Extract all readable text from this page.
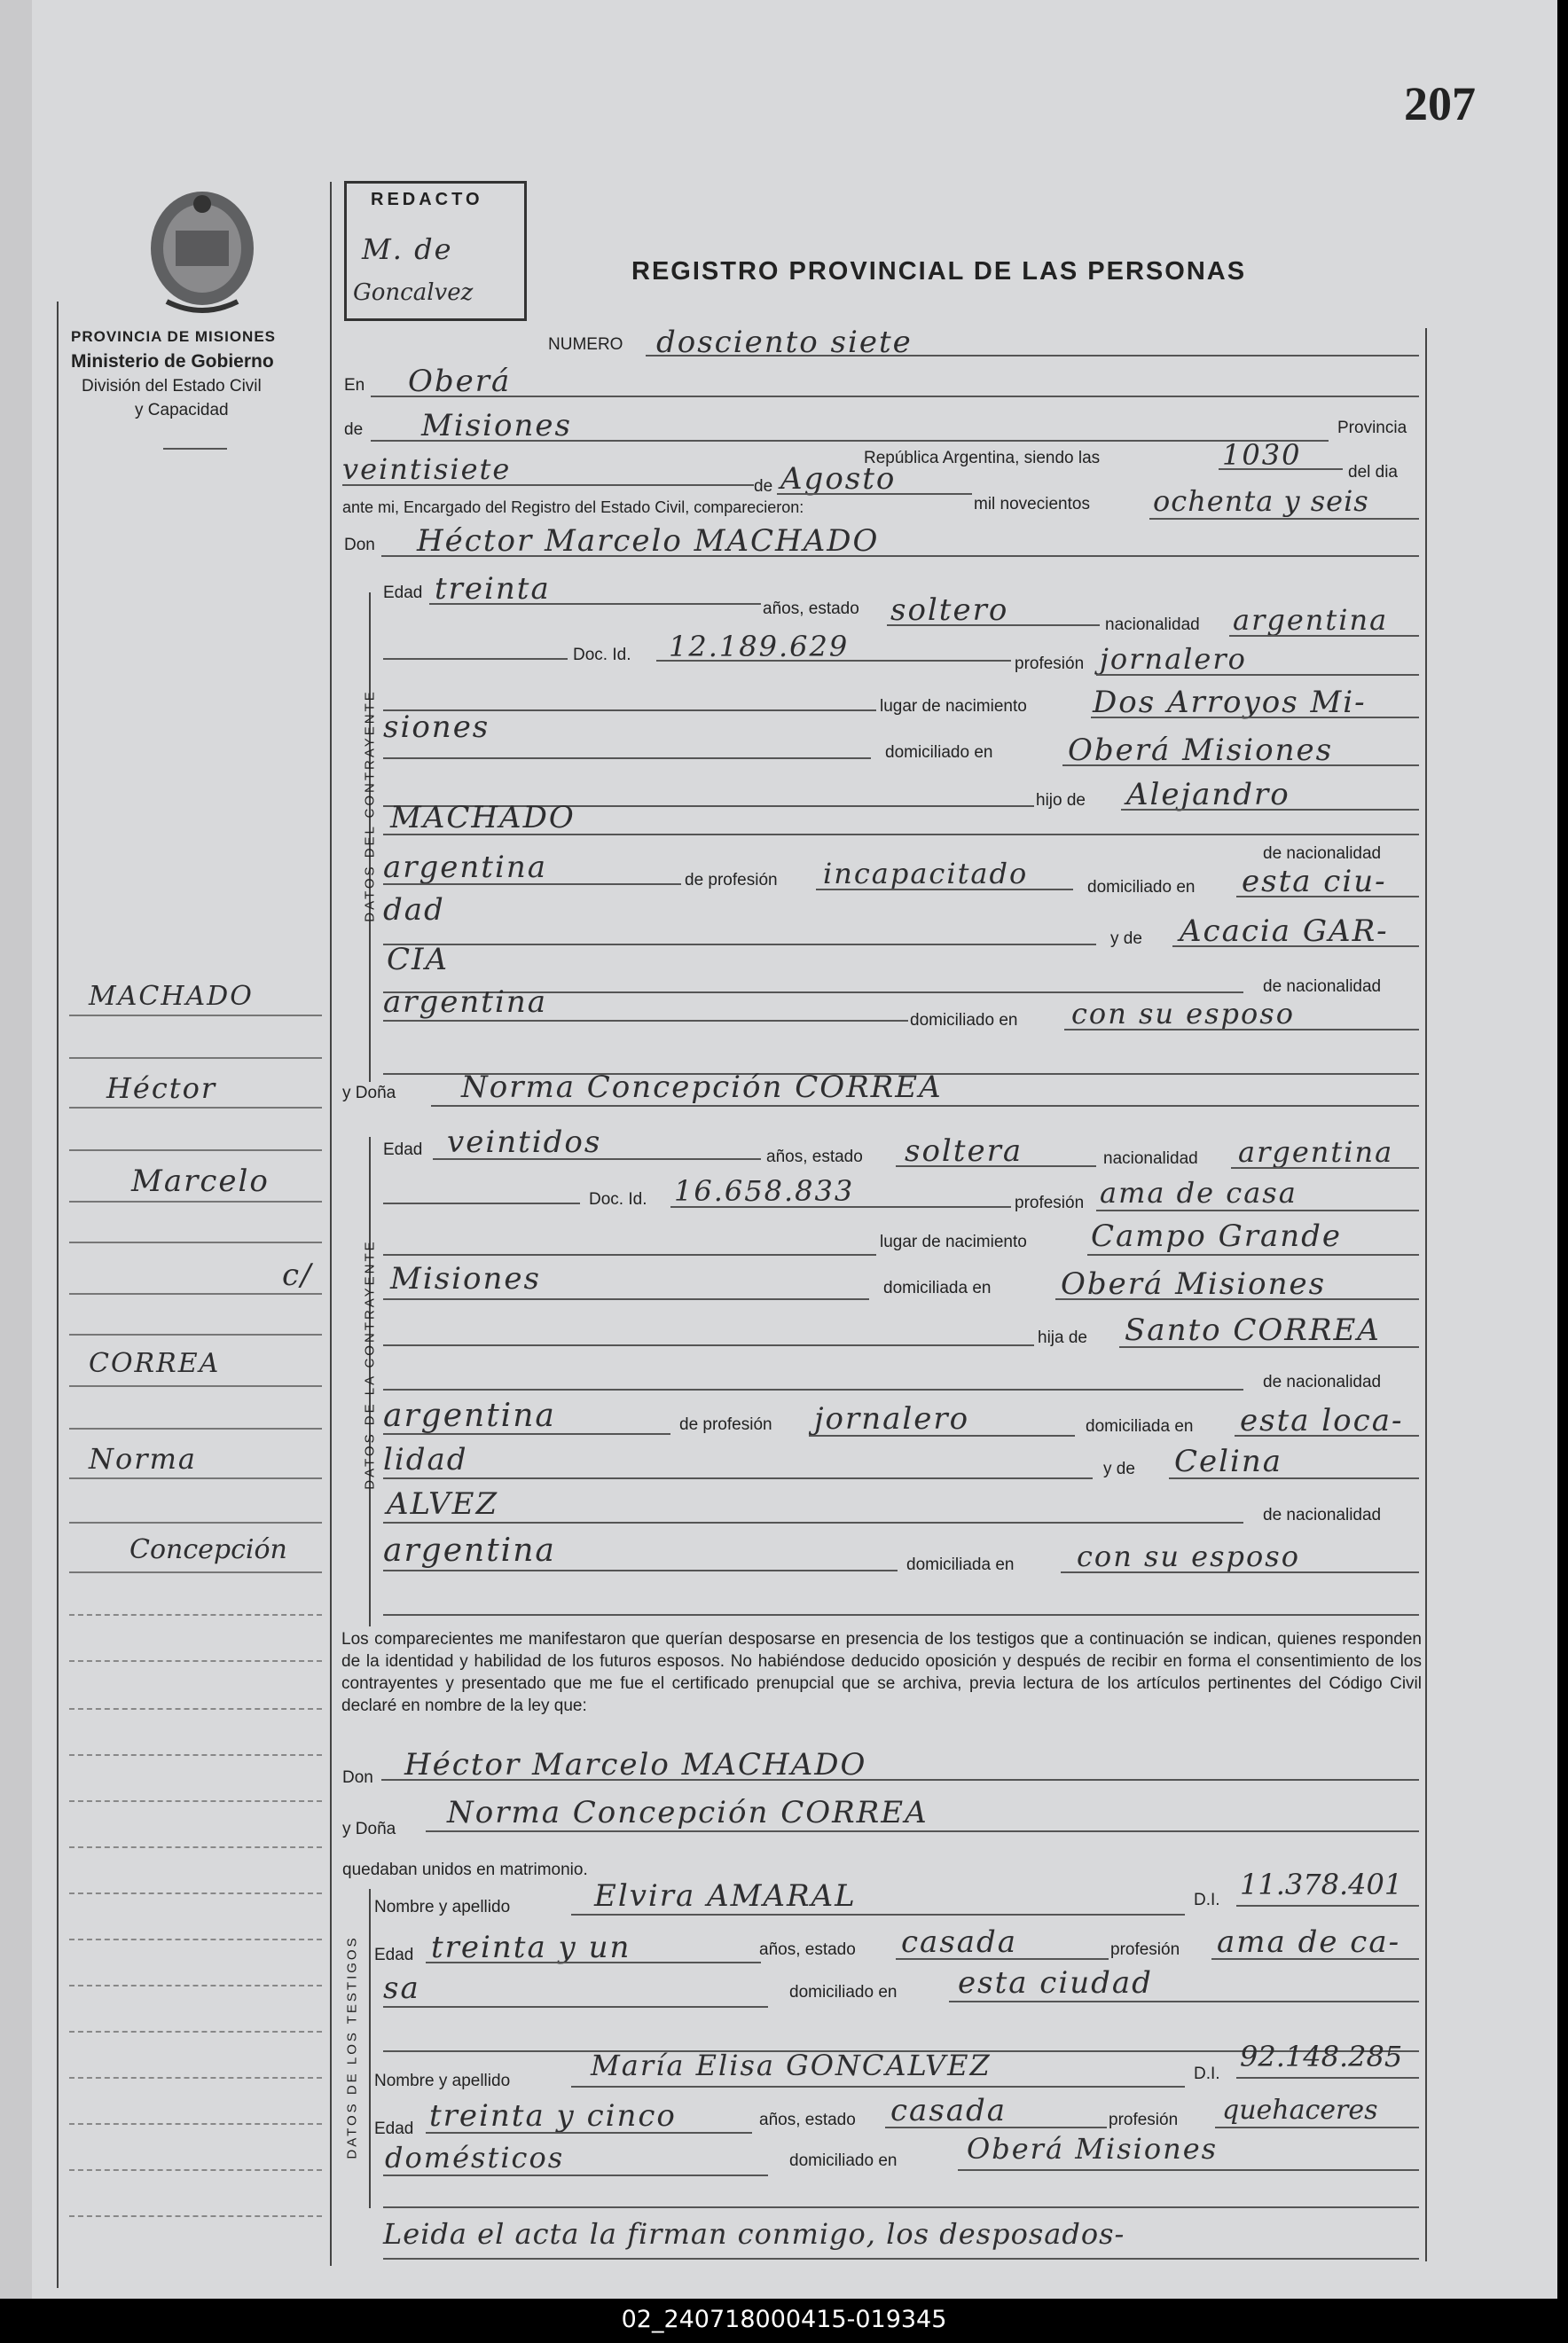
02_240718000415-019345
207
PROVINCIA DE MISIONES
Ministerio de Gobierno
División del Estado Civil
y Capacidad
REDACTO
M. de
Goncalvez
REGISTRO PROVINCIAL DE LAS PERSONAS
MACHADO
Héctor
Marcelo
c/
CORREA
Norma
Concepción
NUMERO dosciento siete
En Oberá
de Misiones	Provincia
veintisiete	República Argentina, siendo las	1030
del dia
de Agosto
mil novecientos ochenta y seis
ante mi, Encargado del Registro del Estado Civil, comparecieron:
Don Héctor Marcelo MACHADO
DATOS DEL CONTRAYENTE
Edad treinta
años, estado soltero	nacionalidad argentina
Doc. Id. 12.189.629
profesión jornalero
lugar de nacimiento Dos Arroyos Mi-
siones
domiciliado en Oberá Misiones
hijo de Alejandro
MACHADO
de nacionalidad
argentina	de profesión incapacitado	domiciliado en esta ciu-
dad
y de Acacia GAR-
CIA
de nacionalidad
argentina
domiciliado en con su esposo
y Doña Norma Concepción CORREA
DATOS DE LA CONTRAYENTE
Edad veintidos	años, estado soltera	nacionalidad argentina
Doc. Id. 16.658.833	profesión ama de casa
lugar de nacimiento Campo Grande
Misiones	domiciliada en Oberá Misiones
hija de Santo CORREA
de nacionalidad
argentina	de profesión jornalero	domiciliada en esta loca-
lidad	y de Celina
ALVEZ	de nacionalidad
argentina	domiciliada en con su esposo
Los comparecientes me manifestaron que querían desposarse en presencia de los testigos que a continuación se indican, quienes responden de la identidad y habilidad de los futuros esposos. No habiéndose deducido oposición y después de recibir en forma el consentimiento de los contrayentes y presentado que me fue el certificado prenupcial que se archiva, previa lectura de los artículos pertinentes del Código Civil declaré en nombre de la ley que:
Don Héctor Marcelo MACHADO
y Doña Norma Concepción CORREA
quedaban unidos en matrimonio.
DATOS DE LOS TESTIGOS
Nombre y apellido	Elvira AMARAL	D.I. 11.378.401
Edad treinta y un	años, estado casada	profesión ama de ca-
sa	domiciliado en esta ciudad
Nombre y apellido	María Elisa GONCALVEZ	D.I.
92.148.285
Edad treinta y cinco	años, estado casada	profesión quehaceres
domésticos	domiciliado en Oberá Misiones
Leida el acta la firman conmigo, los desposados-
